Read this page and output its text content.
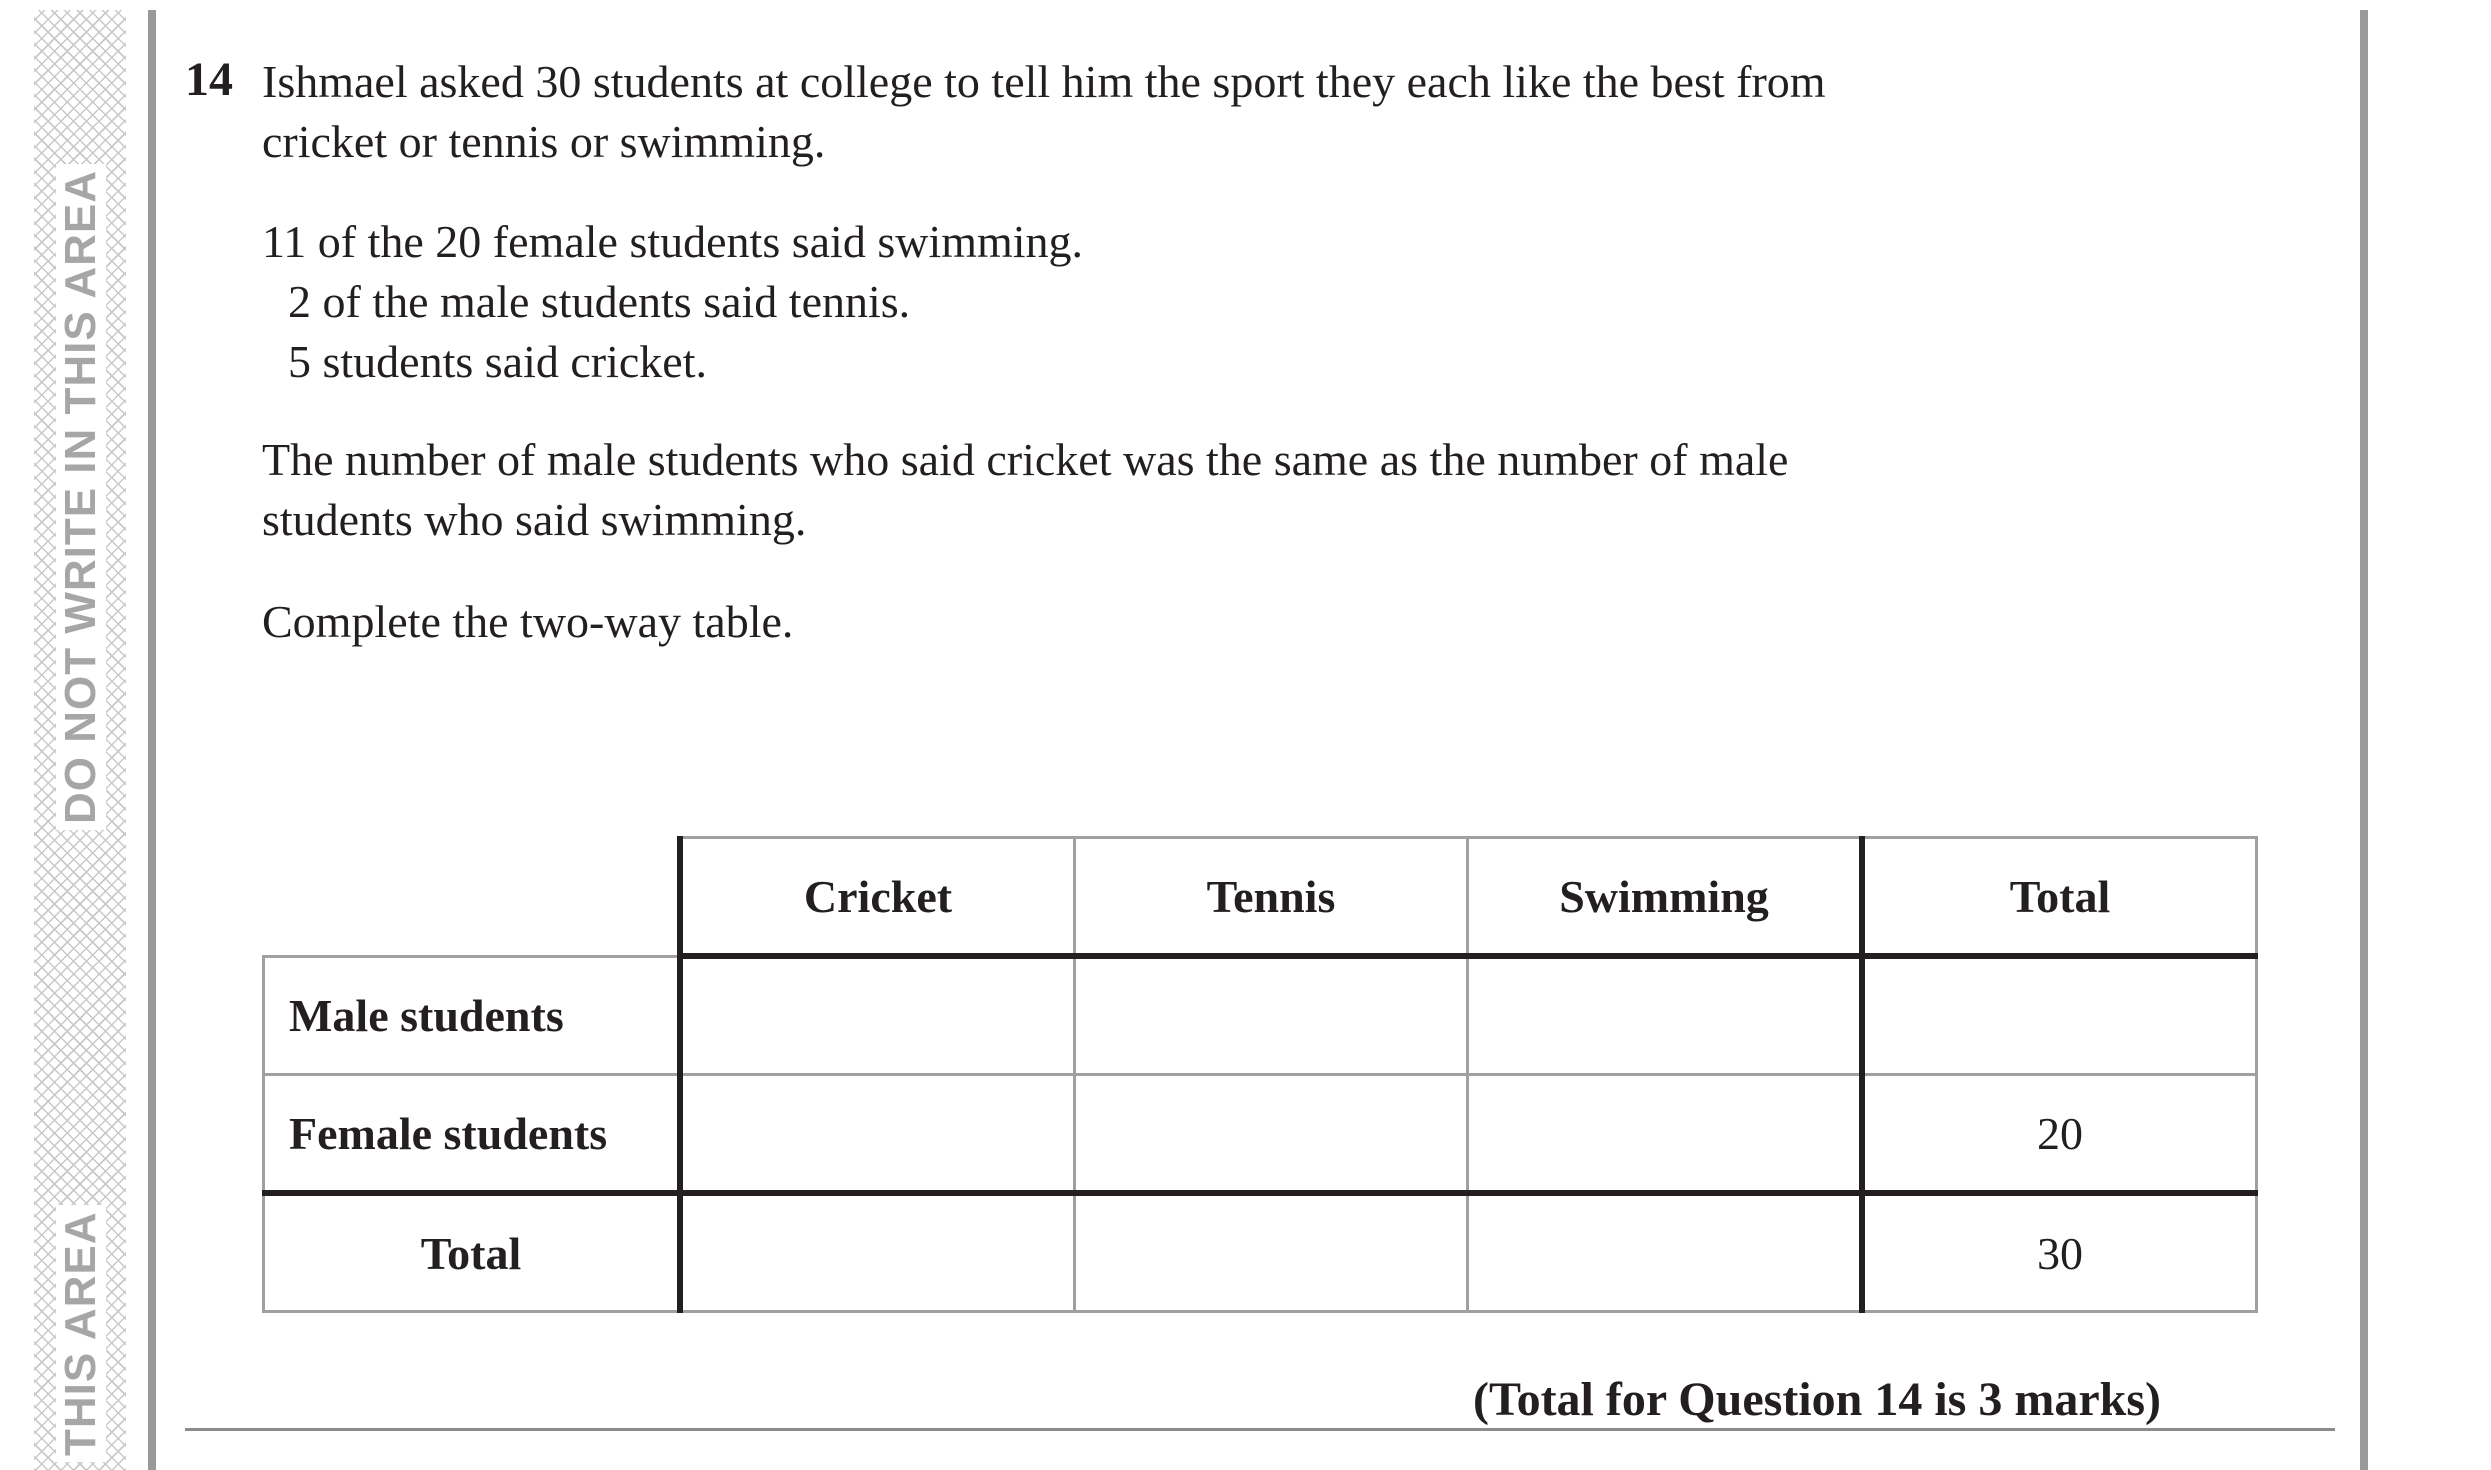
DO NOT WRITE IN THIS AREA
THIS AREA
14 Ishmael asked 30 students at college to tell him the sport they each like the best from
cricket or tennis or swimming.
11 of the 20 female students said swimming.
2 of the male students said tennis.
5 students said cricket.
The number of male students who said cricket was the same as the number of male
students who said swimming.
Complete the two-way table.
	Cricket	Tennis	Swimming	Total
Male students				
Female students				20
Total				30
(Total for Question 14 is 3 marks)
